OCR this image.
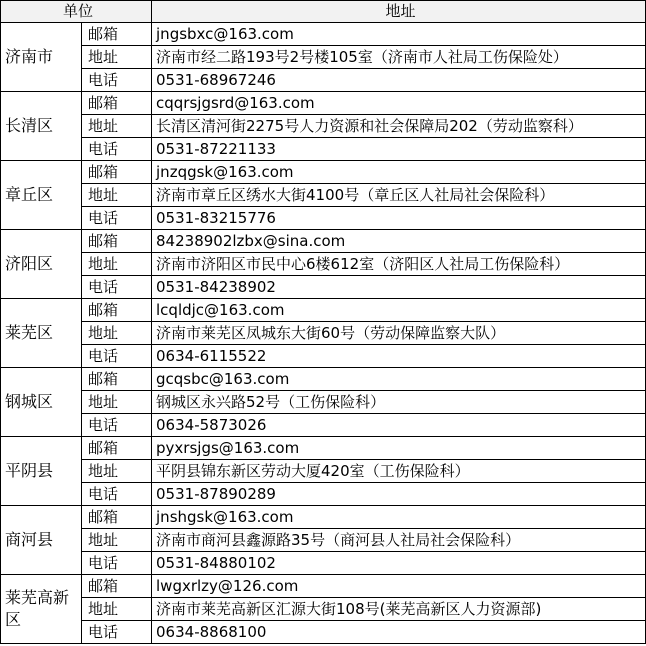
单位		地址
济南市	邮箱	jngsbxc@163.com
	地址	济南市经二路193号2号楼105室（济南市人社局工伤保险处）
	电话	0531-68967246
长清区	邮箱	cqqrsjgsrd@163.com
	地址	长清区清河街2275号人力资源和社会保障局202（劳动监察科）
	电话	0531-87221133
章丘区	邮箱	jnzqgsk@163.com
	地址	济南市章丘区绣水大街4100号（章丘区人社局社会保险科）
	电话	0531-83215776
济阳区	邮箱	84238902lzbx@sina.com
	地址	济南市济阳区市民中心6楼612室（济阳区人社局工伤保险科）
	电话	0531-84238902
莱芜区	邮箱	lcqldjc@163.com
	地址	济南市莱芜区凤城东大街60号（劳动保障监察大队）
	电话	0634-6115522
钢城区	邮箱	gcqsbc@163.com
	地址	钢城区永兴路52号（工伤保险科）
	电话	0634-5873026
平阴县	邮箱	pyxrsjgs@163.com
	地址	平阴县锦东新区劳动大厦420室（工伤保险科）
	电话	0531-87890289
商河县	邮箱	jnshgsk@163.com
	地址	济南市商河县鑫源路35号（商河县人社局社会保险科）
	电话	0531-84880102
莱芜高新区	邮箱	lwgxrlzy@126.com
	地址	济南市莱芜高新区汇源大街108号(莱芜高新区人力资源部)
	电话	0634-8868100
